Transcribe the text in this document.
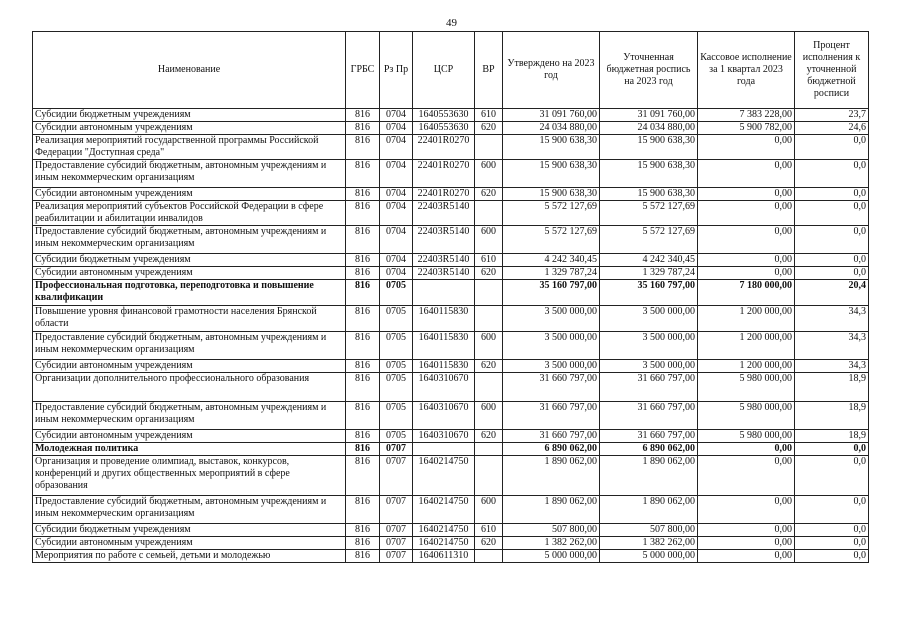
49
Наименование	ГРБС	Рз Пр	ЦСР	ВР	Утверждено на 2023 год	Уточненная бюджетная роспись на 2023 год	Кассовое исполнение за 1 квартал 2023 года	Процент исполнения к уточненной бюджетной росписи
Субсидии бюджетным учреждениям	816	0704	1640553630	610	31 091 760,00	31 091 760,00	7 383 228,00	23,7
Субсидии автономным учреждениям	816	0704	1640553630	620	24 034 880,00	24 034 880,00	5 900 782,00	24,6
Реализация мероприятий государственной программы Российской Федерации "Доступная среда"	816	0704	22401R0270		15 900 638,30	15 900 638,30	0,00	0,0
Предоставление субсидий бюджетным, автономным учреждениям и иным некоммерческим организациям	816	0704	22401R0270	600	15 900 638,30	15 900 638,30	0,00	0,0
Субсидии автономным учреждениям	816	0704	22401R0270	620	15 900 638,30	15 900 638,30	0,00	0,0
Реализация мероприятий субъектов Российской Федерации в сфере реабилитации и абилитации инвалидов	816	0704	22403R5140		5 572 127,69	5 572 127,69	0,00	0,0
Предоставление субсидий бюджетным, автономным учреждениям и иным некоммерческим организациям	816	0704	22403R5140	600	5 572 127,69	5 572 127,69	0,00	0,0
Субсидии бюджетным учреждениям	816	0704	22403R5140	610	4 242 340,45	4 242 340,45	0,00	0,0
Субсидии автономным учреждениям	816	0704	22403R5140	620	1 329 787,24	1 329 787,24	0,00	0,0
Профессиональная подготовка, переподготовка и повышение квалификации	816	0705			35 160 797,00	35 160 797,00	7 180 000,00	20,4
Повышение уровня финансовой грамотности населения Брянской области	816	0705	1640115830		3 500 000,00	3 500 000,00	1 200 000,00	34,3
Предоставление субсидий бюджетным, автономным учреждениям и иным некоммерческим организациям	816	0705	1640115830	600	3 500 000,00	3 500 000,00	1 200 000,00	34,3
Субсидии автономным учреждениям	816	0705	1640115830	620	3 500 000,00	3 500 000,00	1 200 000,00	34,3
Организации дополнительного профессионального образования	816	0705	1640310670		31 660 797,00	31 660 797,00	5 980 000,00	18,9
Предоставление субсидий бюджетным, автономным учреждениям и иным некоммерческим организациям	816	0705	1640310670	600	31 660 797,00	31 660 797,00	5 980 000,00	18,9
Субсидии автономным учреждениям	816	0705	1640310670	620	31 660 797,00	31 660 797,00	5 980 000,00	18,9
Молодежная политика	816	0707			6 890 062,00	6 890 062,00	0,00	0,0
Организация и проведение олимпиад, выставок, конкурсов, конференций и других общественных мероприятий в сфере образования	816	0707	1640214750		1 890 062,00	1 890 062,00	0,00	0,0
Предоставление субсидий бюджетным, автономным учреждениям и иным некоммерческим организациям	816	0707	1640214750	600	1 890 062,00	1 890 062,00	0,00	0,0
Субсидии бюджетным учреждениям	816	0707	1640214750	610	507 800,00	507 800,00	0,00	0,0
Субсидии автономным учреждениям	816	0707	1640214750	620	1 382 262,00	1 382 262,00	0,00	0,0
Мероприятия по работе с семьей, детьми и молодежью	816	0707	1640611310		5 000 000,00	5 000 000,00	0,00	0,0
